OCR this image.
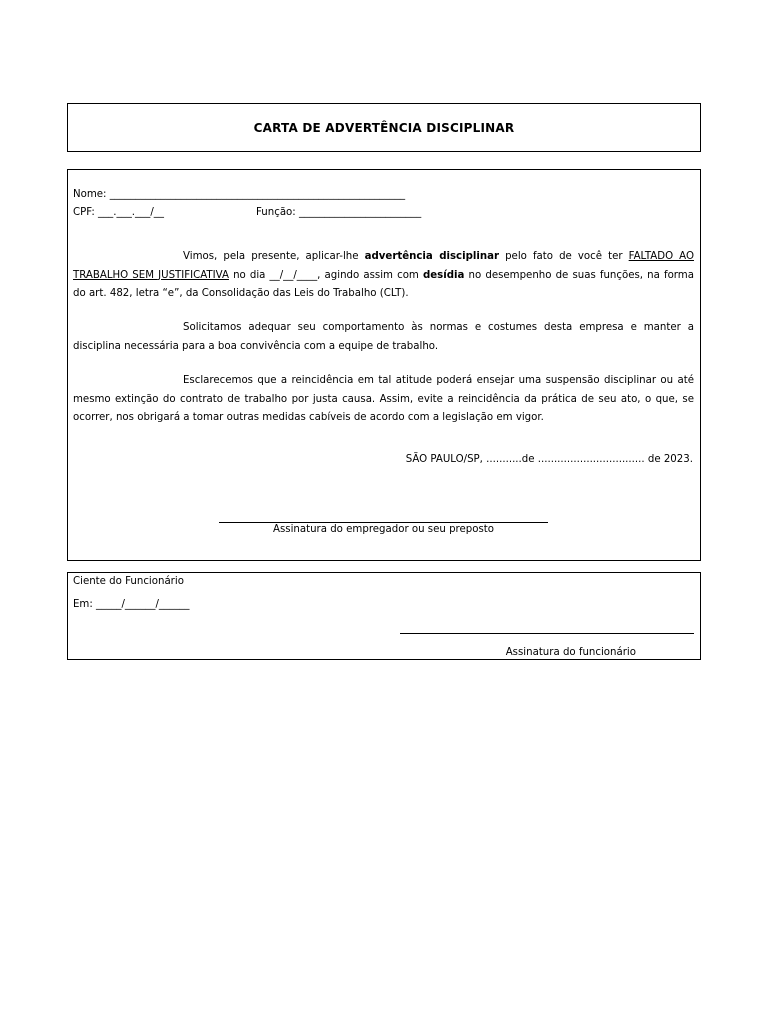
CARTA DE ADVERTÊNCIA DISCIPLINAR
Nome: __________________________________________________________
CPF: ___.___.___/__	Função: ________________________
Vimos, pela presente, aplicar-lhe advertência disciplinar pelo fato de você ter FALTADO AO TRABALHO SEM JUSTIFICATIVA no dia __/__/____, agindo assim com desídia no desempenho de suas funções, na forma do art. 482, letra “e”, da Consolidação das Leis do Trabalho (CLT).
Solicitamos adequar seu comportamento às normas e costumes desta empresa e manter a disciplina necessária para a boa convivência com a equipe de trabalho.
Esclarecemos que a reincidência em tal atitude poderá ensejar uma suspensão disciplinar ou até mesmo extinção do contrato de trabalho por justa causa. Assim, evite a reincidência da prática de seu ato, o que, se ocorrer, nos obrigará a tomar outras medidas cabíveis de acordo com a legislação em vigor.
SÃO PAULO/SP, ...........de ................................. de 2023.
Assinatura do empregador ou seu preposto
Ciente do Funcionário
Em: _____/______/______
Assinatura do funcionário
